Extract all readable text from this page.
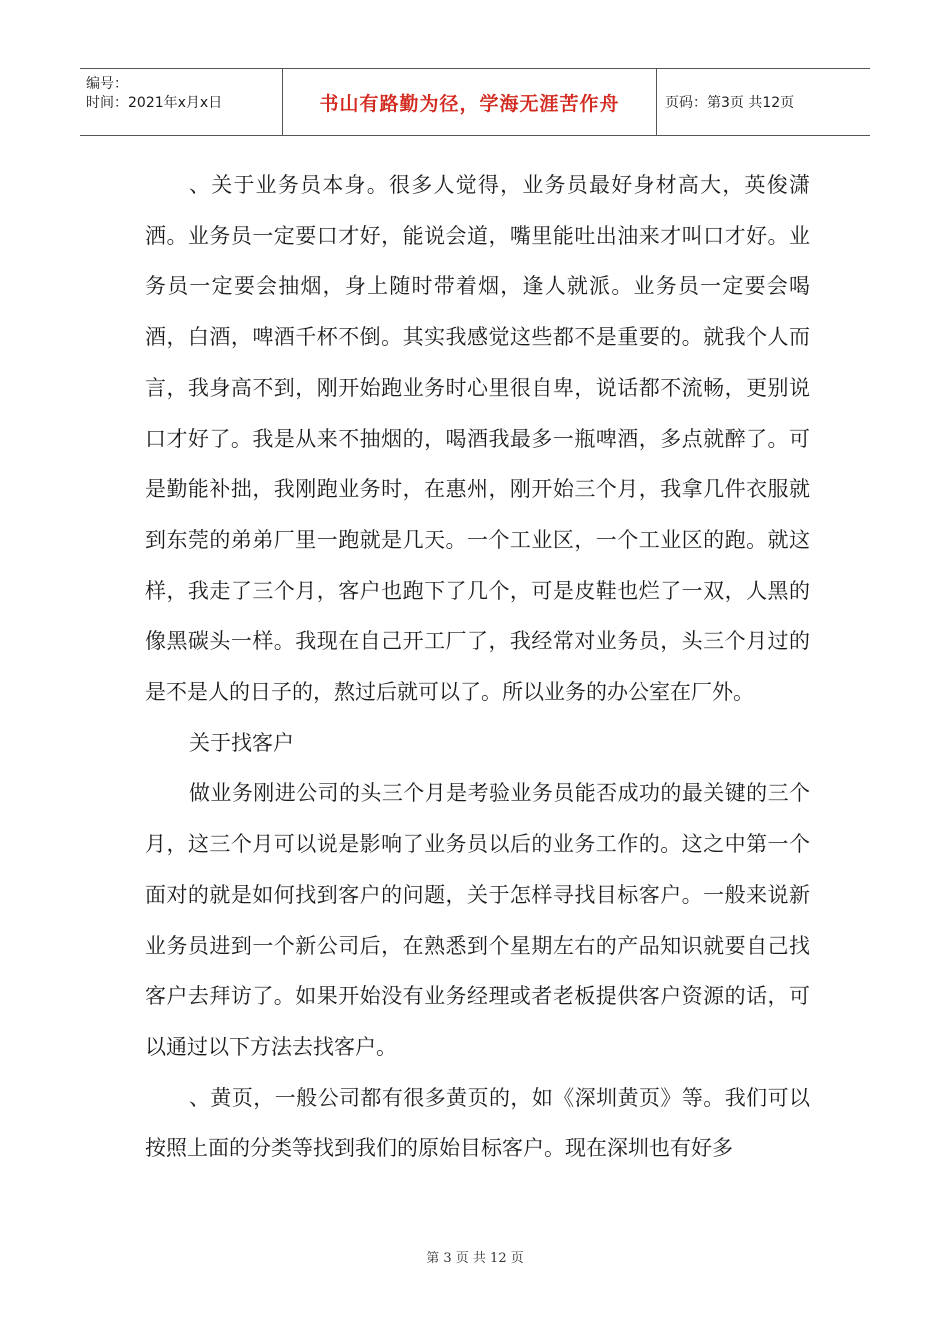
编号：
时间：2021年x月x日	书山有路勤为径，学海无涯苦作舟	页码：第3页 共12页

、关于业务员本身。很多人觉得，业务员最好身材高大，英俊潇洒。业务员一定要口才好，能说会道，嘴里能吐出油来才叫口才好。业务员一定要会抽烟，身上随时带着烟，逢人就派。业务员一定要会喝酒，白酒，啤酒千杯不倒。其实我感觉这些都不是重要的。就我个人而言，我身高不到，刚开始跑业务时心里很自卑，说话都不流畅，更别说口才好了。我是从来不抽烟的，喝酒我最多一瓶啤酒，多点就醉了。可是勤能补拙，我刚跑业务时，在惠州，刚开始三个月，我拿几件衣服就到东莞的弟弟厂里一跑就是几天。一个工业区，一个工业区的跑。就这样，我走了三个月，客户也跑下了几个，可是皮鞋也烂了一双，人黑的像黑碳头一样。我现在自己开工厂了，我经常对业务员，头三个月过的是不是人的日子的，熬过后就可以了。所以业务的办公室在厂外。

关于找客户

做业务刚进公司的头三个月是考验业务员能否成功的最关键的三个月，这三个月可以说是影响了业务员以后的业务工作的。这之中第一个面对的就是如何找到客户的问题，关于怎样寻找目标客户。一般来说新业务员进到一个新公司后，在熟悉到个星期左右的产品知识就要自己找客户去拜访了。如果开始没有业务经理或者老板提供客户资源的话，可以通过以下方法去找客户。

、黄页，一般公司都有很多黄页的，如《深圳黄页》等。我们可以按照上面的分类等找到我们的原始目标客户。现在深圳也有好多

第 3 页 共 12 页
